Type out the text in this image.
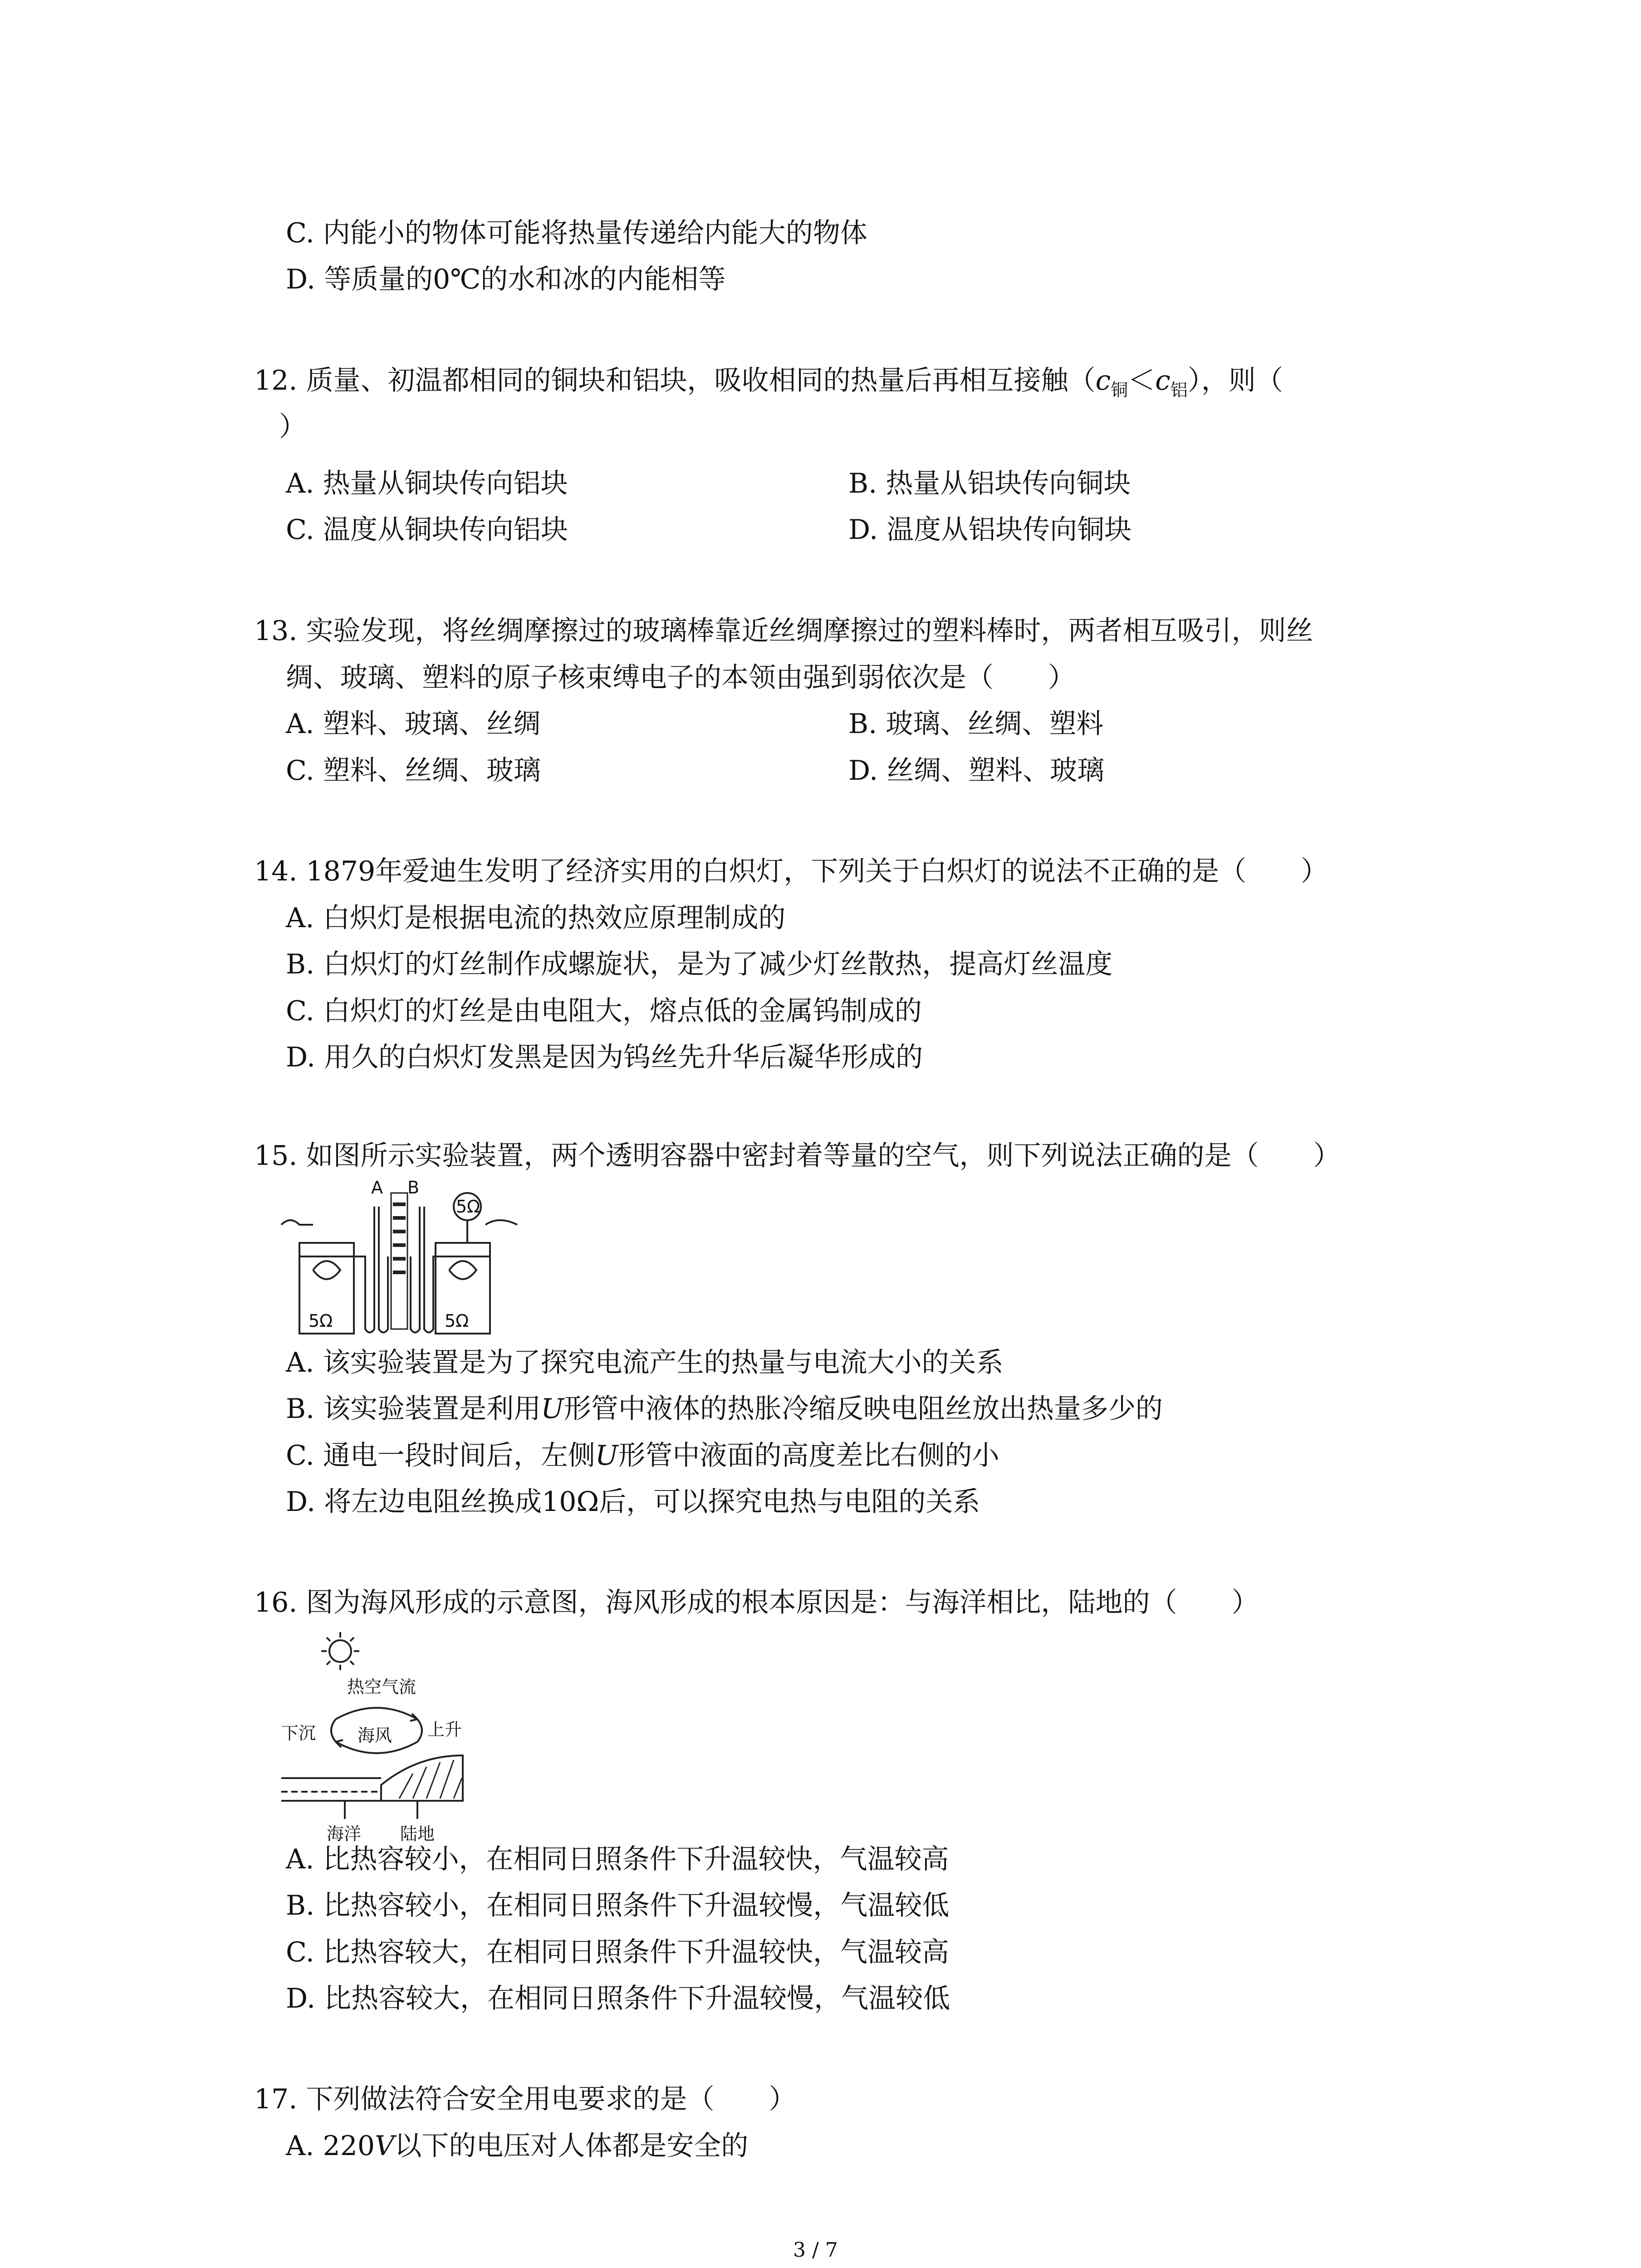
C. 内能小的物体可能将热量传递给内能大的物体
D. 等质量的0℃的水和冰的内能相等
12. 质量、初温都相同的铜块和铝块，吸收相同的热量后再相互接触$(c_铜<c_铝)$，则（
）
A. 热量从铜块传向铝块	B. 热量从铝块传向铜块
C. 温度从铜块传向铝块	D. 温度从铝块传向铜块
13. 实验发现，将丝绸摩擦过的玻璃棒靠近丝绸摩擦过的塑料棒时，两者相互吸引，则丝
绸、玻璃、塑料的原子核束缚电子的本领由强到弱依次是（　　）
A. 塑料、玻璃、丝绸	B. 玻璃、丝绸、塑料
C. 塑料、丝绸、玻璃	D. 丝绸、塑料、玻璃
14. 1879年爱迪生发明了经济实用的白炽灯，下列关于白炽灯的说法不正确的是（　　）
A. 白炽灯是根据电流的热效应原理制成的
B. 白炽灯的灯丝制作成螺旋状，是为了减少灯丝散热，提高灯丝温度
C. 白炽灯的灯丝是由电阻大，熔点低的金属钨制成的
D. 用久的白炽灯发黑是因为钨丝先升华后凝华形成的
15. 如图所示实验装置，两个透明容器中密封着等量的空气，则下列说法正确的是（　　）
A B
5Ω
5Ω	5Ω
A. 该实验装置是为了探究电流产生的热量与电流大小的关系
B. 该实验装置是利用U形管中液体的热胀冷缩反映电阻丝放出热量多少的
C. 通电一段时间后，左侧U形管中液面的高度差比右侧的小
D. 将左边电阻丝换成10Ω后，可以探究电热与电阻的关系
16. 图为海风形成的示意图，海风形成的根本原因是：与海洋相比，陆地的（　　）
热空气流
下沉 海风 上升
海洋 陆地
A. 比热容较小，在相同日照条件下升温较快，气温较高
B. 比热容较小，在相同日照条件下升温较慢，气温较低
C. 比热容较大，在相同日照条件下升温较快，气温较高
D. 比热容较大，在相同日照条件下升温较慢，气温较低
17. 下列做法符合安全用电要求的是（　　）
A. 220V以下的电压对人体都是安全的
3 / 7
